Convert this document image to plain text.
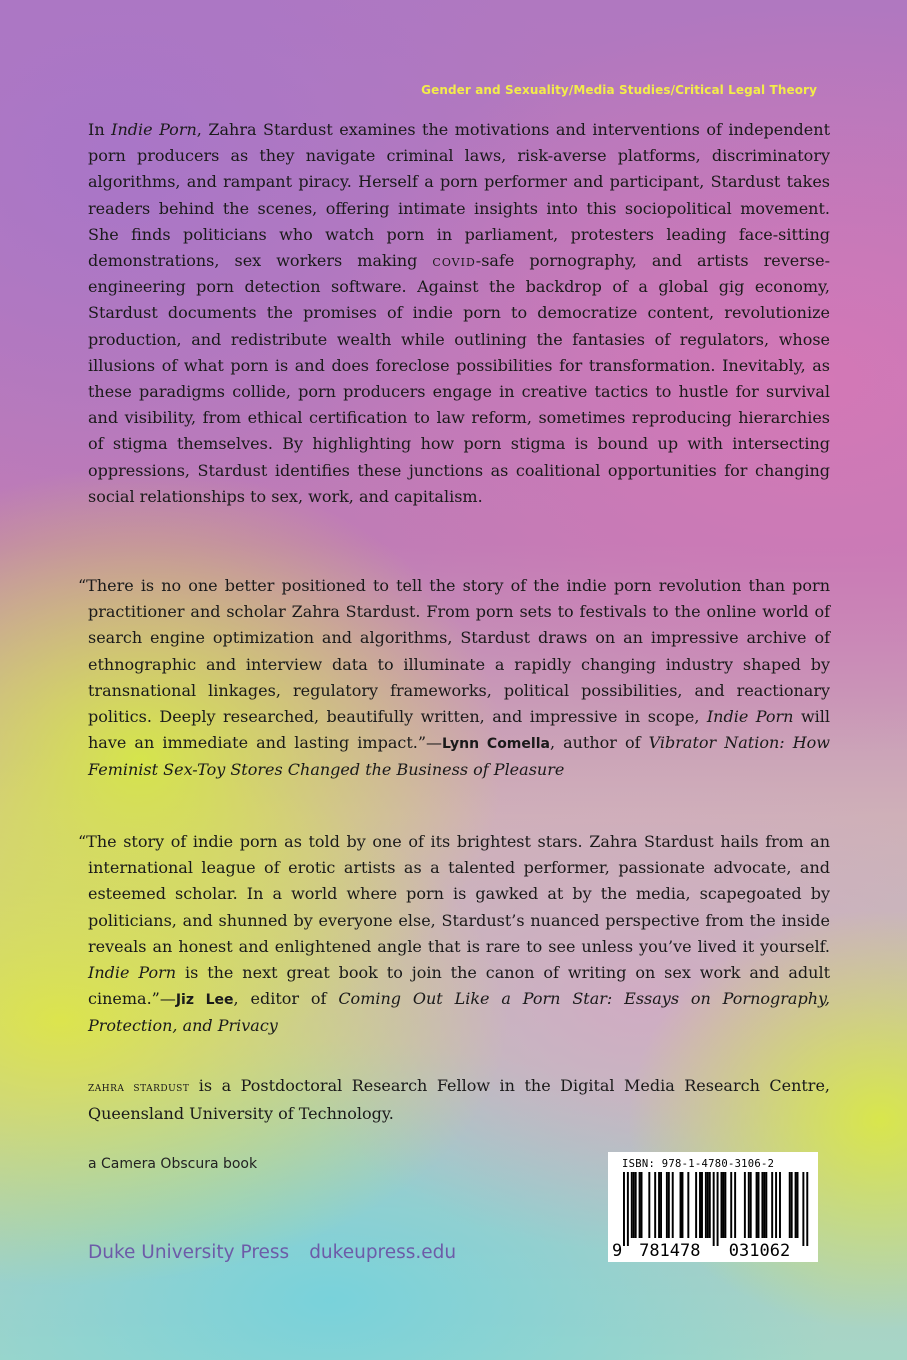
Gender and Sexuality/Media Studies/Critical Legal Theory

In Indie Porn, Zahra Stardust examines the motivations and interventions of independent porn producers as they navigate criminal laws, risk-averse platforms, discriminatory algorithms, and rampant piracy. Herself a porn performer and participant, Stardust takes readers behind the scenes, offering intimate insights into this sociopolitical movement. She finds politicians who watch porn in parliament, protesters leading face-sitting demonstrations, sex workers making covid-safe pornography, and artists reverse-engineering porn detection software. Against the backdrop of a global gig economy, Stardust documents the promises of indie porn to democratize content, revolutionize production, and redistribute wealth while outlining the fantasies of regulators, whose illusions of what porn is and does foreclose possibilities for transformation. Inevitably, as these paradigms collide, porn producers engage in creative tactics to hustle for survival and visibility, from ethical certification to law reform, sometimes reproducing hierarchies of stigma themselves. By highlighting how porn stigma is bound up with intersecting oppressions, Stardust identifies these junctions as coalitional opportunities for changing social relationships to sex, work, and capitalism.

“There is no one better positioned to tell the story of the indie porn revolution than porn practitioner and scholar Zahra Stardust. From porn sets to festivals to the online world of search engine optimization and algorithms, Stardust draws on an impressive archive of ethnographic and interview data to illuminate a rapidly changing industry shaped by transnational linkages, regulatory frameworks, political possibilities, and reactionary politics. Deeply researched, beautifully written, and impressive in scope, Indie Porn will have an immediate and lasting impact.”—Lynn Comella, author of Vibrator Nation: How Feminist Sex-Toy Stores Changed the Business of Pleasure

“The story of indie porn as told by one of its brightest stars. Zahra Stardust hails from an international league of erotic artists as a talented performer, passionate advocate, and esteemed scholar. In a world where porn is gawked at by the media, scapegoated by politicians, and shunned by everyone else, Stardust’s nuanced perspective from the inside reveals an honest and enlightened angle that is rare to see unless you’ve lived it yourself. Indie Porn is the next great book to join the canon of writing on sex work and adult cinema.”—Jiz Lee, editor of Coming Out Like a Porn Star: Essays on Pornography, Protection, and Privacy

zahra stardust is a Postdoctoral Research Fellow in the Digital Media Research Centre, Queensland University of Technology.

a Camera Obscura book
Duke University Press dukeupress.edu
ISBN: 978-1-4780-3106-2
9 781478 031062
